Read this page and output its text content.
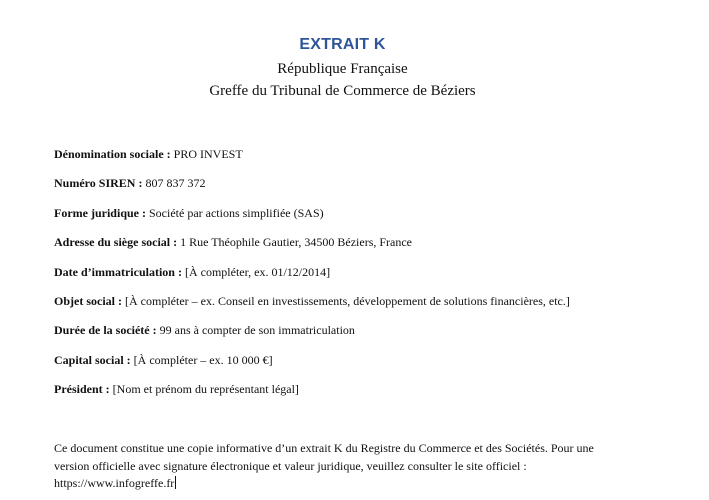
EXTRAIT K
République Française
Greffe du Tribunal de Commerce de Béziers
Dénomination sociale : PRO INVEST
Numéro SIREN : 807 837 372
Forme juridique : Société par actions simplifiée (SAS)
Adresse du siège social : 1 Rue Théophile Gautier, 34500 Béziers, France
Date d’immatriculation : [À compléter, ex. 01/12/2014]
Objet social : [À compléter – ex. Conseil en investissements, développement de solutions financières, etc.]
Durée de la société : 99 ans à compter de son immatriculation
Capital social : [À compléter – ex. 10 000 €]
Président : [Nom et prénom du représentant légal]
Ce document constitue une copie informative d’un extrait K du Registre du Commerce et des Sociétés. Pour une
version officielle avec signature électronique et valeur juridique, veuillez consulter le site officiel :
https://www.infogreffe.fr
